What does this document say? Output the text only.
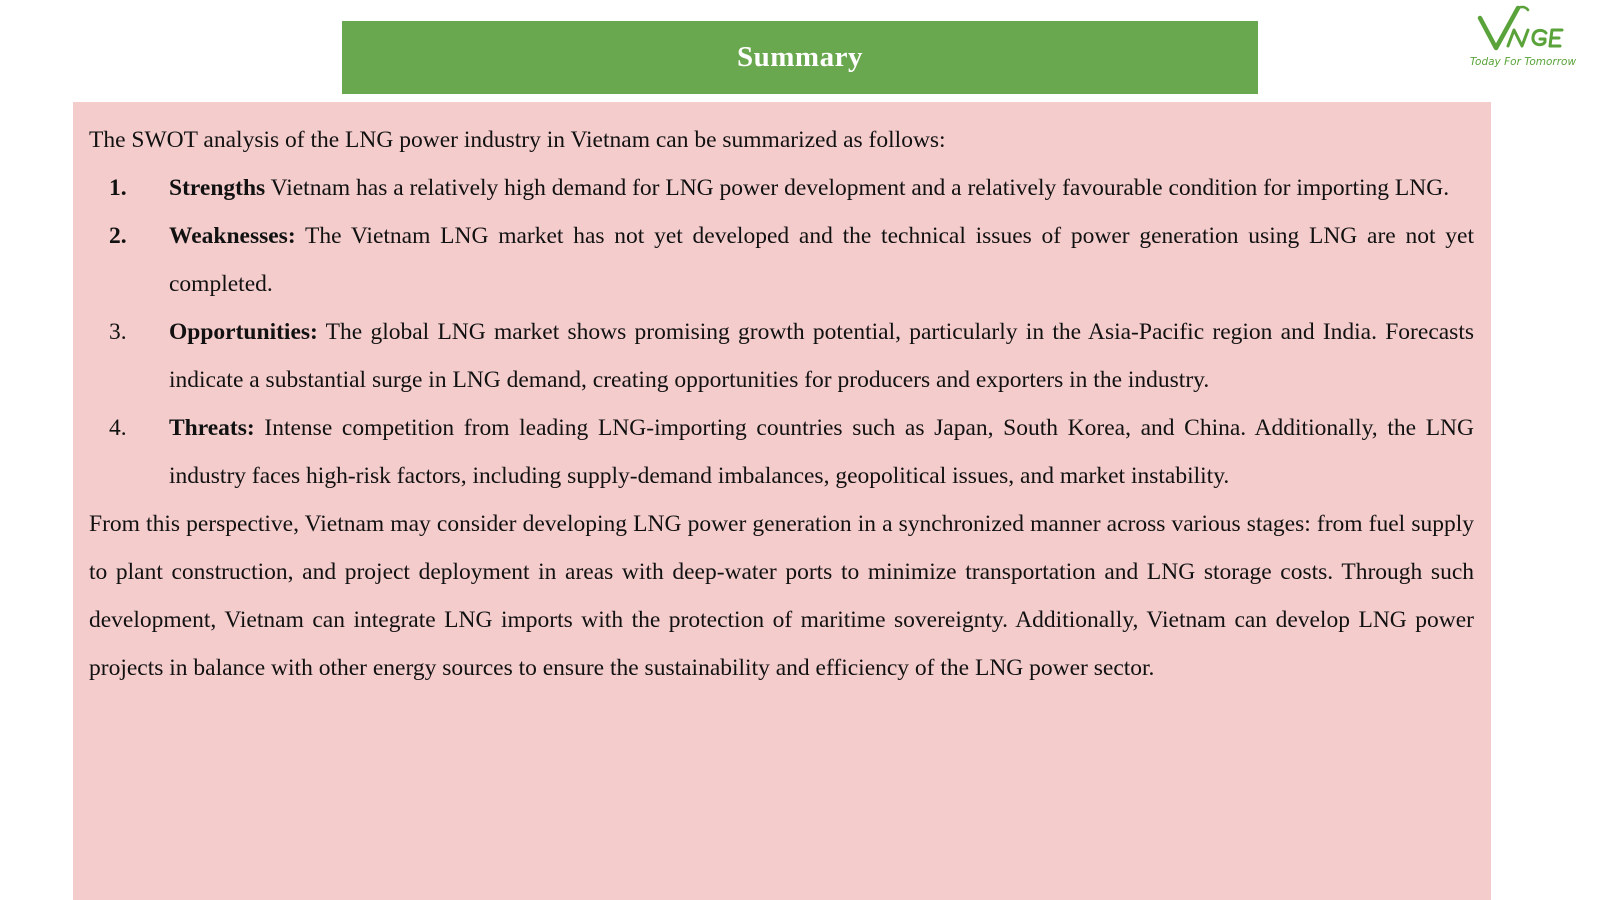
Summary	Today For Tomorrow

The SWOT analysis of the LNG power industry in Vietnam can be summarized as follows:

1.	Strengths Vietnam has a relatively high demand for LNG power development and a relatively favourable condition for importing LNG.
2.	Weaknesses: The Vietnam LNG market has not yet developed and the technical issues of power generation using LNG are not yet completed.
3.	Opportunities: The global LNG market shows promising growth potential, particularly in the Asia-Pacific region and India. Forecasts indicate a substantial surge in LNG demand, creating opportunities for producers and exporters in the industry.
4.	Threats: Intense competition from leading LNG-importing countries such as Japan, South Korea, and China. Additionally, the LNG industry faces high-risk factors, including supply-demand imbalances, geopolitical issues, and market instability.

From this perspective, Vietnam may consider developing LNG power generation in a synchronized manner across various stages: from fuel supply to plant construction, and project deployment in areas with deep-water ports to minimize transportation and LNG storage costs. Through such development, Vietnam can integrate LNG imports with the protection of maritime sovereignty. Additionally, Vietnam can develop LNG power projects in balance with other energy sources to ensure the sustainability and efficiency of the LNG power sector.
